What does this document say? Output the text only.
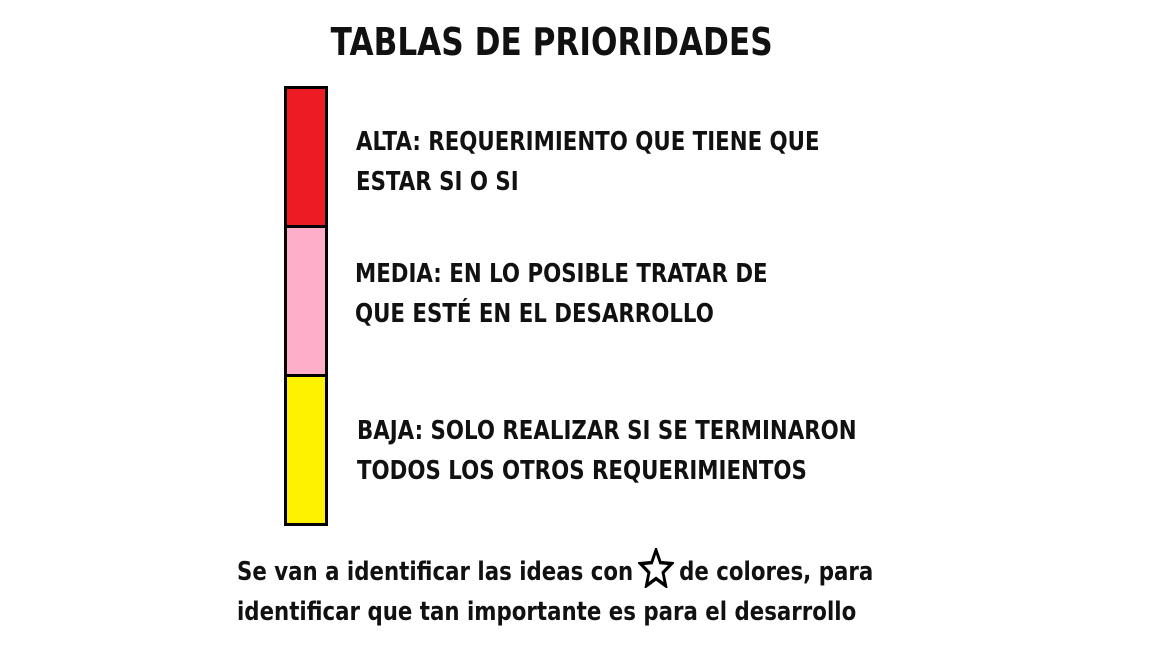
TABLAS DE PRIORIDADES
ALTA: REQUERIMIENTO QUE TIENE QUE
ESTAR SI O SI
MEDIA: EN LO POSIBLE TRATAR DE
QUE ESTÉ EN EL DESARROLLO
BAJA: SOLO REALIZAR SI SE TERMINARON
TODOS LOS OTROS REQUERIMIENTOS
Se van a identificar las ideas con de colores, para
identificar que tan importante es para el desarrollo
